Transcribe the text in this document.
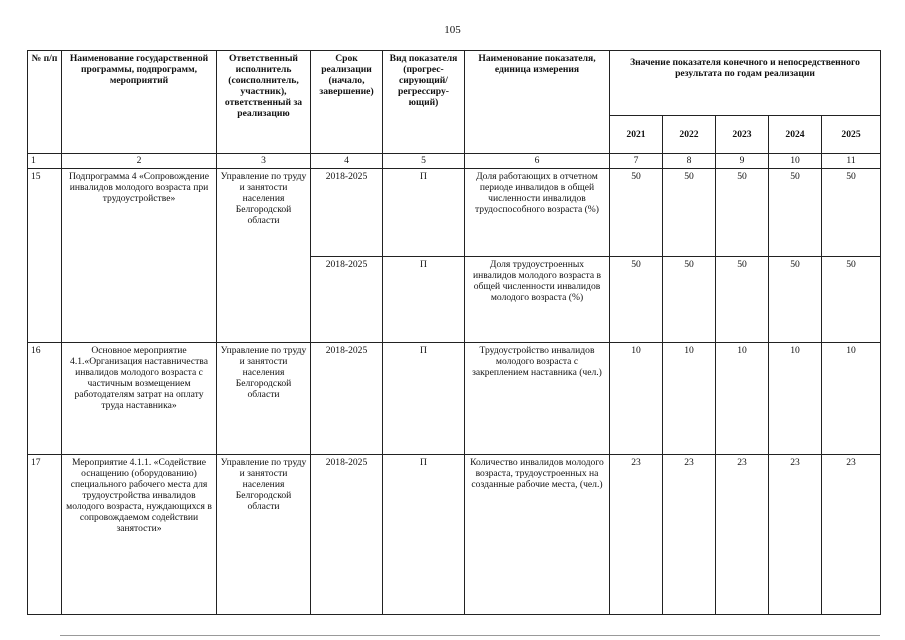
105
№ п/п	Наименование государственной программы, подпрограмм, мероприятий	Ответственный исполнитель (соисполнитель, участник), ответственный за реализацию	Срок реализации (начало, завершение)	Вид показателя (прогрес-сирующий/ регрессиру-ющий)	Наименование показателя, единица измерения	Значение показателя конечного и непосредственного результата по годам реализации				
						2021	2022	2023	2024	2025
1	2	3	4	5	6	7	8	9	10	11
15	Подпрограмма 4 «Сопровождение инвалидов молодого возраста при трудоустройстве»	Управление по труду и занятости населения Белгородской области	2018-2025	П	Доля работающих в отчетном периоде инвалидов в общей численности инвалидов трудоспособного возраста (%)	50	50	50	50	50
			2018-2025	П	Доля трудоустроенных инвалидов молодого возраста в общей численности инвалидов молодого возраста (%)	50	50	50	50	50
16	Основное мероприятие 4.1.«Организация наставничества инвалидов молодого возраста с частичным возмещением работодателям затрат на оплату труда наставника»	Управление по труду и занятости населения Белгородской области	2018-2025	П	Трудоустройство инвалидов молодого возраста с закреплением наставника (чел.)	10	10	10	10	10
17	Мероприятие 4.1.1. «Содействие оснащению (оборудованию) специального рабочего места для трудоустройства инвалидов молодого возраста, нуждающихся в сопровождаемом содействии занятости»	Управление по труду и занятости населения Белгородской области	2018-2025	П	Количество инвалидов молодого возраста, трудоустроенных на созданные рабочие места, (чел.)	23	23	23	23	23
